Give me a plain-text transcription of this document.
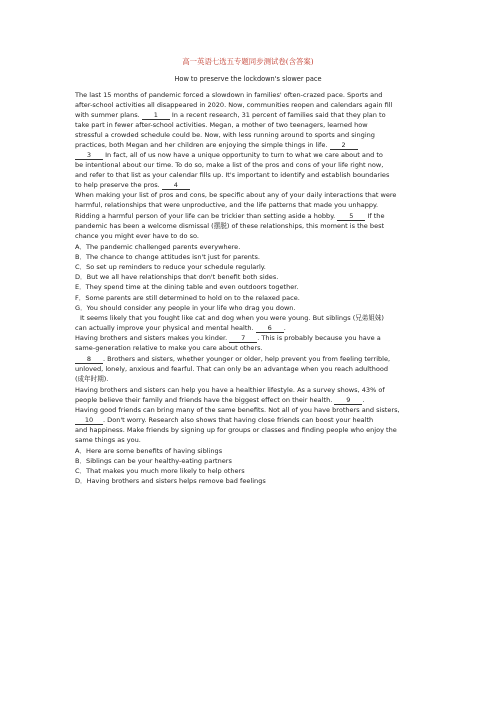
高一英语七选五专题同步测试卷(含答案)
How to preserve the lockdown's slower pace
The last 15 months of pandemic forced a slowdown in families' often-crazed pace. Sports and
after-school activities all disappeared in 2020. Now, communities reopen and calendars again fill
with summer plans. 1 In a recent research, 31 percent of families said that they plan to
take part in fewer after-school activities. Megan, a mother of two teenagers, learned how
stressful a crowded schedule could be. Now, with less running around to sports and singing
practices, both Megan and her children are enjoying the simple things in life. 2
3 In fact, all of us now have a unique opportunity to turn to what we care about and to
be intentional about our time. To do so, make a list of the pros and cons of your life right now,
and refer to that list as your calendar fills up. It's important to identify and establish boundaries
to help preserve the pros. 4
When making your list of pros and cons, be specific about any of your daily interactions that were
harmful, relationships that were unproductive, and the life patterns that made you unhappy.
Ridding a harmful person of your life can be trickier than setting aside a hobby. 5 If the
pandemic has been a welcome dismissal (摆脱) of these relationships, this moment is the best
chance you might ever have to do so.
A．The pandemic challenged parents everywhere.
B．The chance to change attitudes isn't just for parents.
C．So set up reminders to reduce your schedule regularly.
D．But we all have relationships that don't benefit both sides.
E．They spend time at the dining table and even outdoors together.
F．Some parents are still determined to hold on to the relaxed pace.
G．You should consider any people in your life who drag you down.
It seems likely that you fought like cat and dog when you were young. But siblings (兄弟姐妹)
can actually improve your physical and mental health. 6 .
Having brothers and sisters makes you kinder. 7 . This is probably because you have a
same-generation relative to make you care about others.
8 . Brothers and sisters, whether younger or older, help prevent you from feeling terrible,
unloved, lonely, anxious and fearful. That can only be an advantage when you reach adulthood
(成年时期).
Having brothers and sisters can help you have a healthier lifestyle. As a survey shows, 43% of
people believe their family and friends have the biggest effect on their health. 9 .
Having good friends can bring many of the same benefits. Not all of you have brothers and sisters,
10 . Don't worry. Research also shows that having close friends can boost your health
and happiness. Make friends by signing up for groups or classes and finding people who enjoy the
same things as you.
A．Here are some benefits of having siblings
B．Siblings can be your healthy-eating partners
C．That makes you much more likely to help others
D．Having brothers and sisters helps remove bad feelings
